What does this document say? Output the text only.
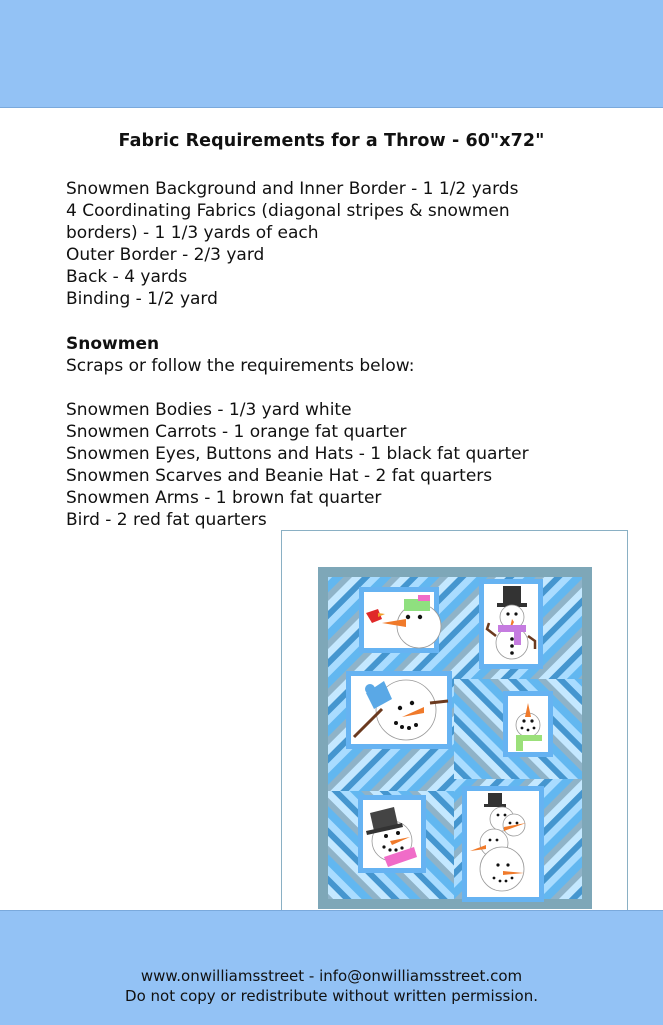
Fabric Requirements for a Throw - 60"x72"
Snowmen Background and Inner Border - 1 1/2 yards
4 Coordinating Fabrics (diagonal stripes & snowmen
borders) - 1 1/3 yards of each
Outer Border - 2/3 yard
Back - 4 yards
Binding - 1/2 yard
Snowmen
Scraps or follow the requirements below:
Snowmen Bodies - 1/3 yard white
Snowmen Carrots - 1 orange fat quarter
Snowmen Eyes, Buttons and Hats - 1 black fat quarter
Snowmen Scarves and Beanie Hat - 2 fat quarters
Snowmen Arms - 1 brown fat quarter
Bird - 2 red fat quarters
www.onwilliamsstreet - info@onwilliamsstreet.com
Do not copy or redistribute without written permission.
